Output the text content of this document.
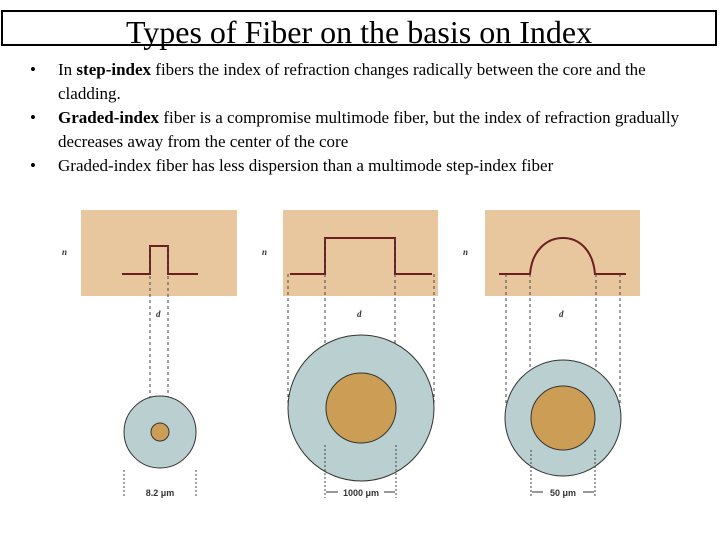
Types of Fiber on the basis on Index
• In step-index fibers the index of refraction changes radically between the core and the cladding.
• Graded-index fiber is a compromise multimode fiber, but the index of refraction gradually decreases away from the center of the core
• Graded-index fiber has less dispersion than a multimode step-index fiber
n
d
8.2 μm
n
d
1000 μm
n
d
50 μm
